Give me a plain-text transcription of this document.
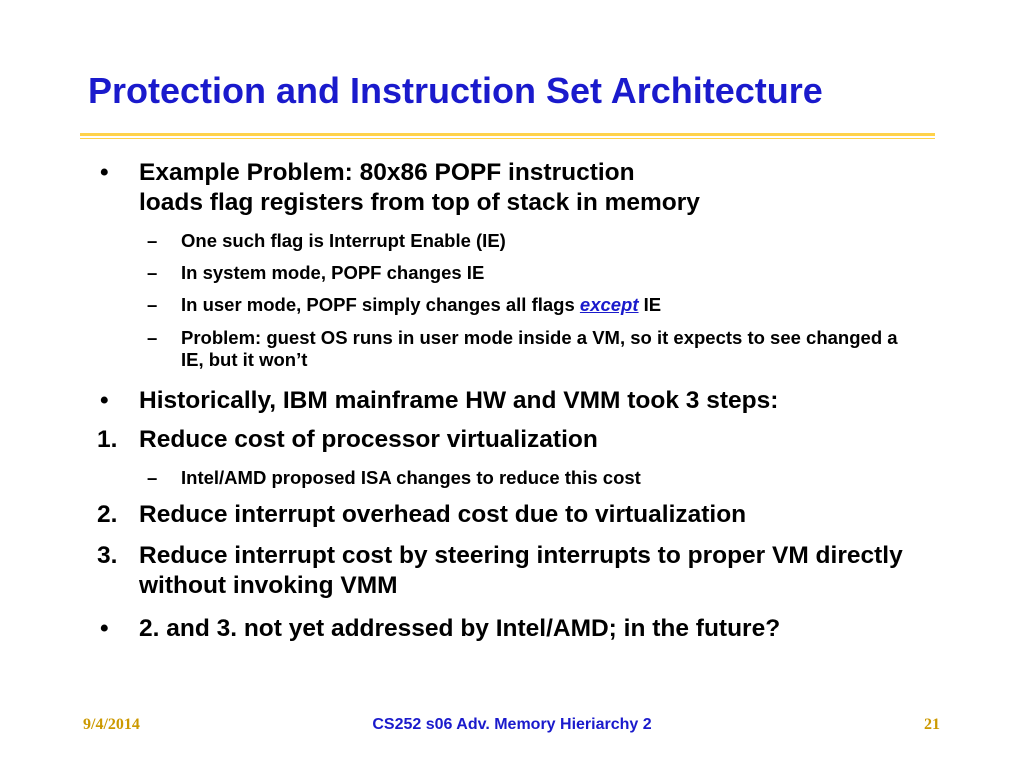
Protection and Instruction Set Architecture
• Example Problem: 80x86 POPF instruction
loads flag registers from top of stack in memory
– One such flag is Interrupt Enable (IE)
– In system mode, POPF changes IE
– In user mode, POPF simply changes all flags except IE
– Problem: guest OS runs in user mode inside a VM, so it expects to see changed a IE, but it won’t
• Historically, IBM mainframe HW and VMM took 3 steps:
1. Reduce cost of processor virtualization
– Intel/AMD proposed ISA changes to reduce this cost
2. Reduce interrupt overhead cost due to virtualization
3. Reduce interrupt cost by steering interrupts to proper VM directly without invoking VMM
• 2. and 3. not yet addressed by Intel/AMD; in the future?
9/4/2014	CS252 s06 Adv. Memory Hieriarchy 2	21
